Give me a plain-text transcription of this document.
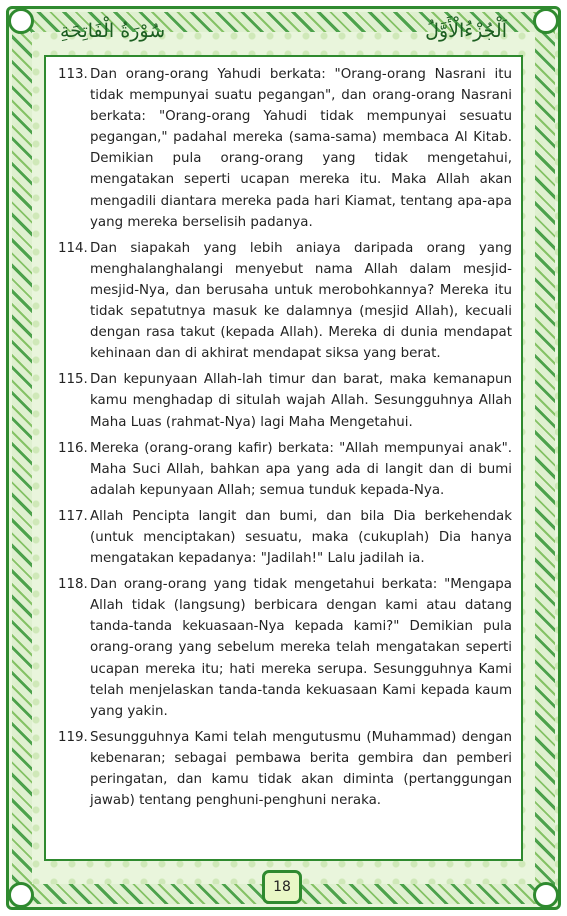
سُوْرَةُ الْفَاتِحَةِ	اَلْجُزْءُالْأَوَّلُ
113. Dan orang-orang Yahudi berkata: "Orang-orang Nasrani itu tidak mempunyai suatu pegangan", dan orang-orang Nasrani berkata: "Orang-orang Yahudi tidak mempunyai sesuatu pegangan," padahal mereka (sama-sama) membaca Al Kitab. Demikian pula orang-orang yang tidak mengetahui, mengatakan seperti ucapan mereka itu. Maka Allah akan mengadili diantara mereka pada hari Kiamat, tentang apa-apa yang mereka berselisih padanya.
114. Dan siapakah yang lebih aniaya daripada orang yang menghalanghalangi menyebut nama Allah dalam mesjid-mesjid-Nya, dan berusaha untuk merobohkannya? Mereka itu tidak sepatutnya masuk ke dalamnya (mesjid Allah), kecuali dengan rasa takut (kepada Allah). Mereka di dunia mendapat kehinaan dan di akhirat mendapat siksa yang berat.
115. Dan kepunyaan Allah-lah timur dan barat, maka kemanapun kamu menghadap di situlah wajah Allah. Sesungguhnya Allah Maha Luas (rahmat-Nya) lagi Maha Mengetahui.
116. Mereka (orang-orang kafir) berkata: "Allah mempunyai anak". Maha Suci Allah, bahkan apa yang ada di langit dan di bumi adalah kepunyaan Allah; semua tunduk kepada-Nya.
117. Allah Pencipta langit dan bumi, dan bila Dia berkehendak (untuk menciptakan) sesuatu, maka (cukuplah) Dia hanya mengatakan kepadanya: "Jadilah!" Lalu jadilah ia.
118. Dan orang-orang yang tidak mengetahui berkata: "Mengapa Allah tidak (langsung) berbicara dengan kami atau datang tanda-tanda kekuasaan-Nya kepada kami?" Demikian pula orang-orang yang sebelum mereka telah mengatakan seperti ucapan mereka itu; hati mereka serupa. Sesungguhnya Kami telah menjelaskan tanda-tanda kekuasaan Kami kepada kaum yang yakin.
119. Sesungguhnya Kami telah mengutusmu (Muhammad) dengan kebenaran; sebagai pembawa berita gembira dan pemberi peringatan, dan kamu tidak akan diminta (pertanggungan jawab) tentang penghuni-penghuni neraka.
18
